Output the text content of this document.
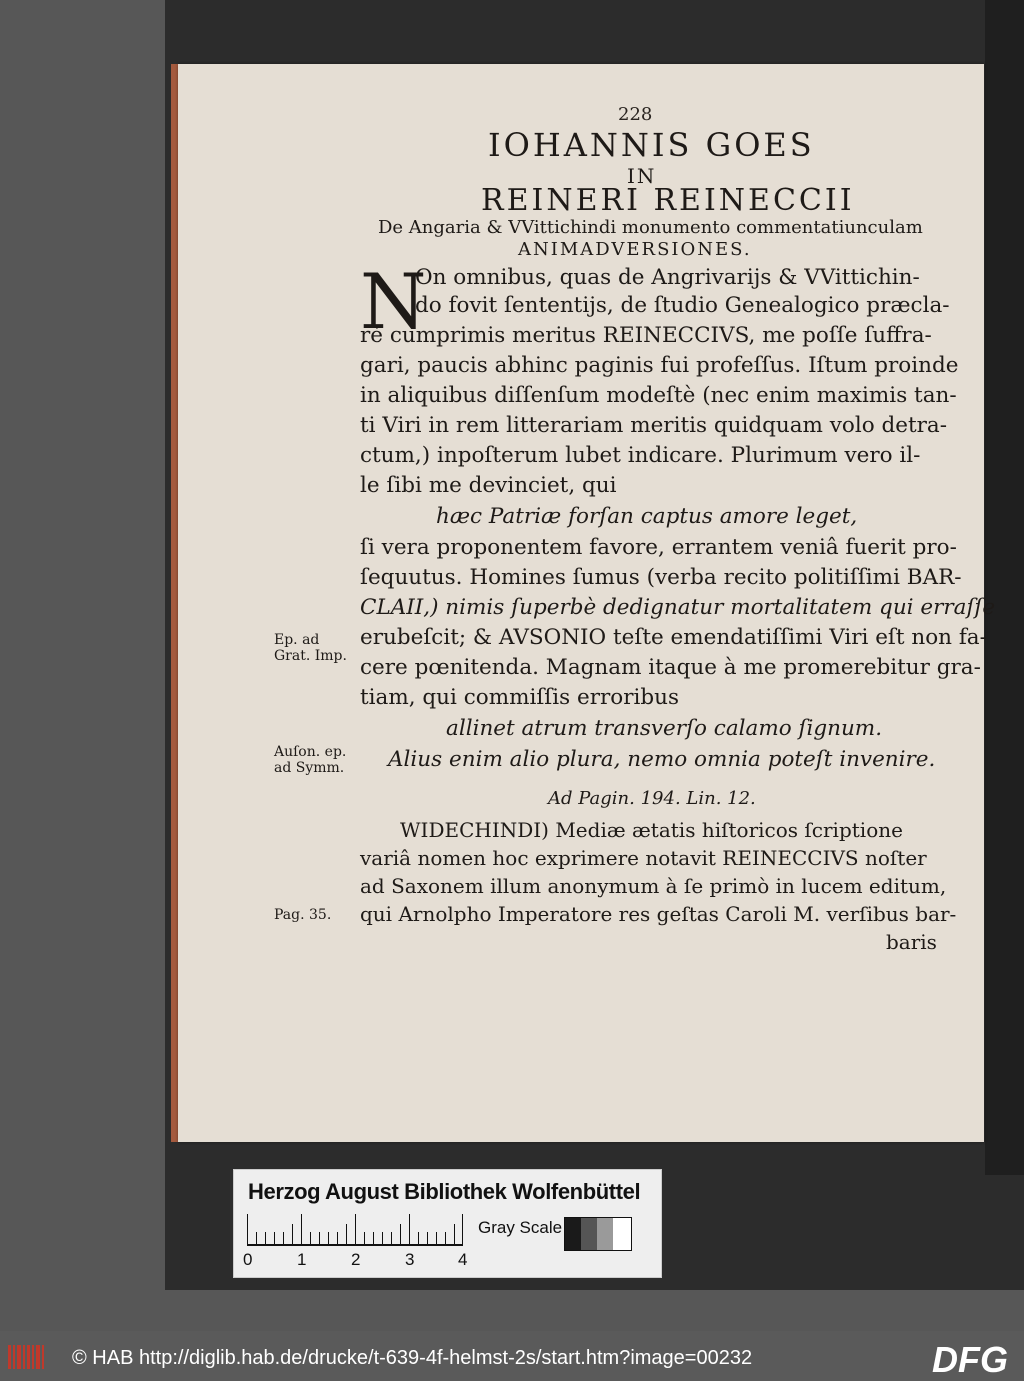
228
IOHANNIS GOES
IN
REINERI REINECCII
De Angaria & VVittichindi monumento commentatiunculam
ANIMADVERSIONES.
N
On omnibus, quas de Angrivarijs & VVittichin-
do fovit ſententijs, de ſtudio Genealogico præcla-
rè cumprimis meritus REINECCIVS, me poſſe ſuffra-
gari, paucis abhinc paginis fui profeſſus. Iſtum proinde
in aliquibus diſſenſum modeſtè (nec enim maximis tan-
ti Viri in rem litterariam meritis quidquam volo detra-
ctum,) inpoſterum lubet indicare. Plurimum vero il-
le ſibi me devinciet, qui
hæc Patriæ forſan captus amore leget,
ſi vera proponentem favore, errantem veniâ fuerit pro-
ſequutus. Homines ſumus (verba recito politiſſimi BAR-
CLAII,) nimis ſuperbè dedignatur mortalitatem qui erraſſe
erubeſcit; & AVSONIO teſte emendatiſſimi Viri eſt non fa-
cere pœnitenda. Magnam itaque à me promerebitur gra-
tiam, qui commiſſis erroribus
allinet atrum transverſo calamo ſignum.
Alius enim alio plura, nemo omnia poteſt invenire.
Ad Pagin. 194. Lin. 12.
WIDECHINDI) Mediæ ætatis hiſtoricos ſcriptione
variâ nomen hoc exprimere notavit REINECCIVS noſter
ad Saxonem illum anonymum à ſe primò in lucem editum,
qui Arnolpho Imperatore res geſtas Caroli M. verſibus bar-
baris
Ep. ad
Grat. Imp.
Auſon. ep.
ad Symm.
Pag. 35.
Herzog August Bibliothek Wolfenbüttel
0	1	2	3	4
Gray Scale
© HAB http://diglib.hab.de/drucke/t-639-4f-helmst-2s/start.htm?image=00232	DFG
